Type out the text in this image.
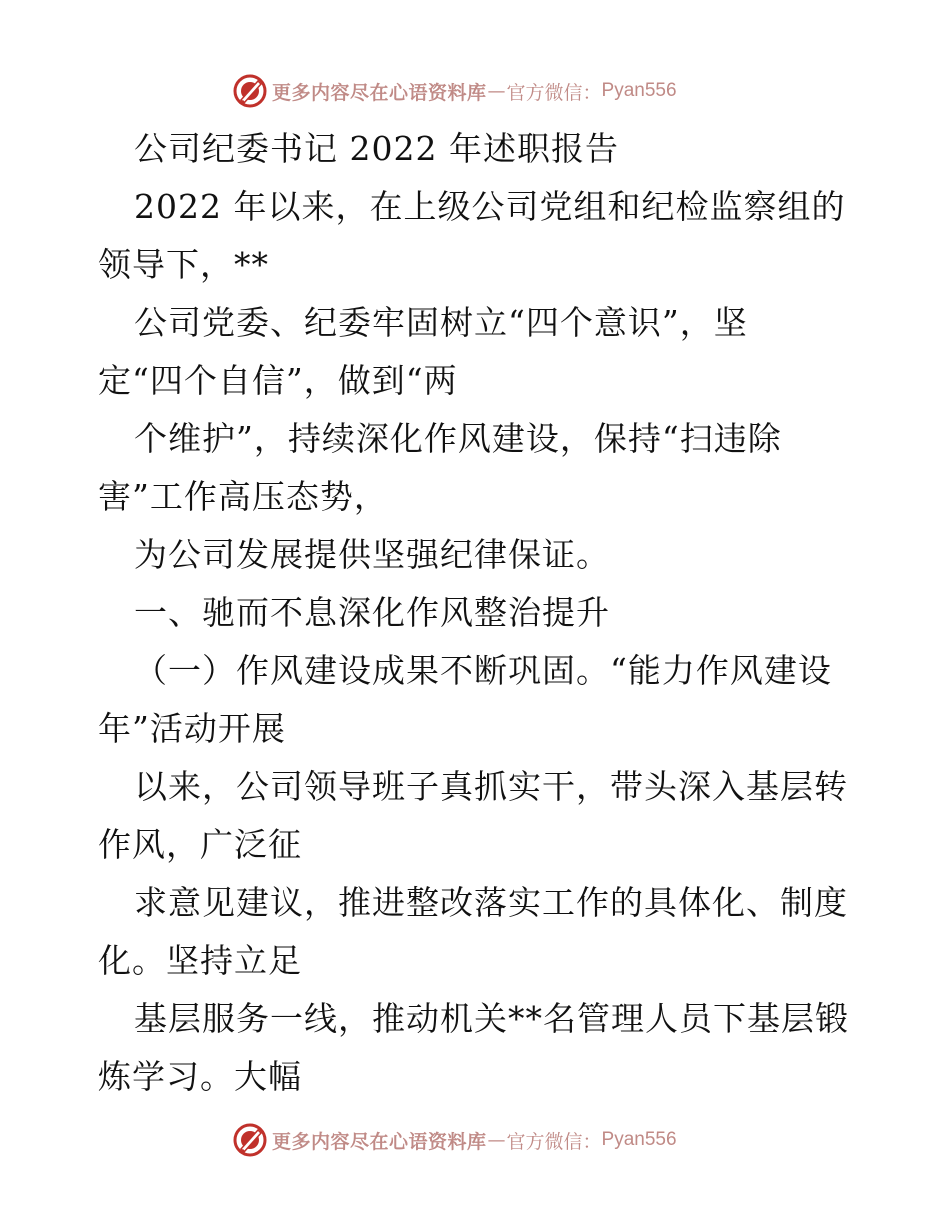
更多内容尽在心语资料库 — 官方微信： Pyan556
公司纪委书记 2022 年述职报告
2022 年以来，在上级公司党组和纪检监察组的
领导下，**
公司党委、纪委牢固树立“四个意识”，坚
定“四个自信”，做到“两
个维护”，持续深化作风建设，保持“扫违除
害”工作高压态势，
为公司发展提供坚强纪律保证。
一、驰而不息深化作风整治提升
（一）作风建设成果不断巩固。“能力作风建设
年”活动开展
以来，公司领导班子真抓实干，带头深入基层转
作风，广泛征
求意见建议，推进整改落实工作的具体化、制度
化。坚持立足
基层服务一线，推动机关**名管理人员下基层锻
炼学习。大幅
更多内容尽在心语资料库 — 官方微信： Pyan556
